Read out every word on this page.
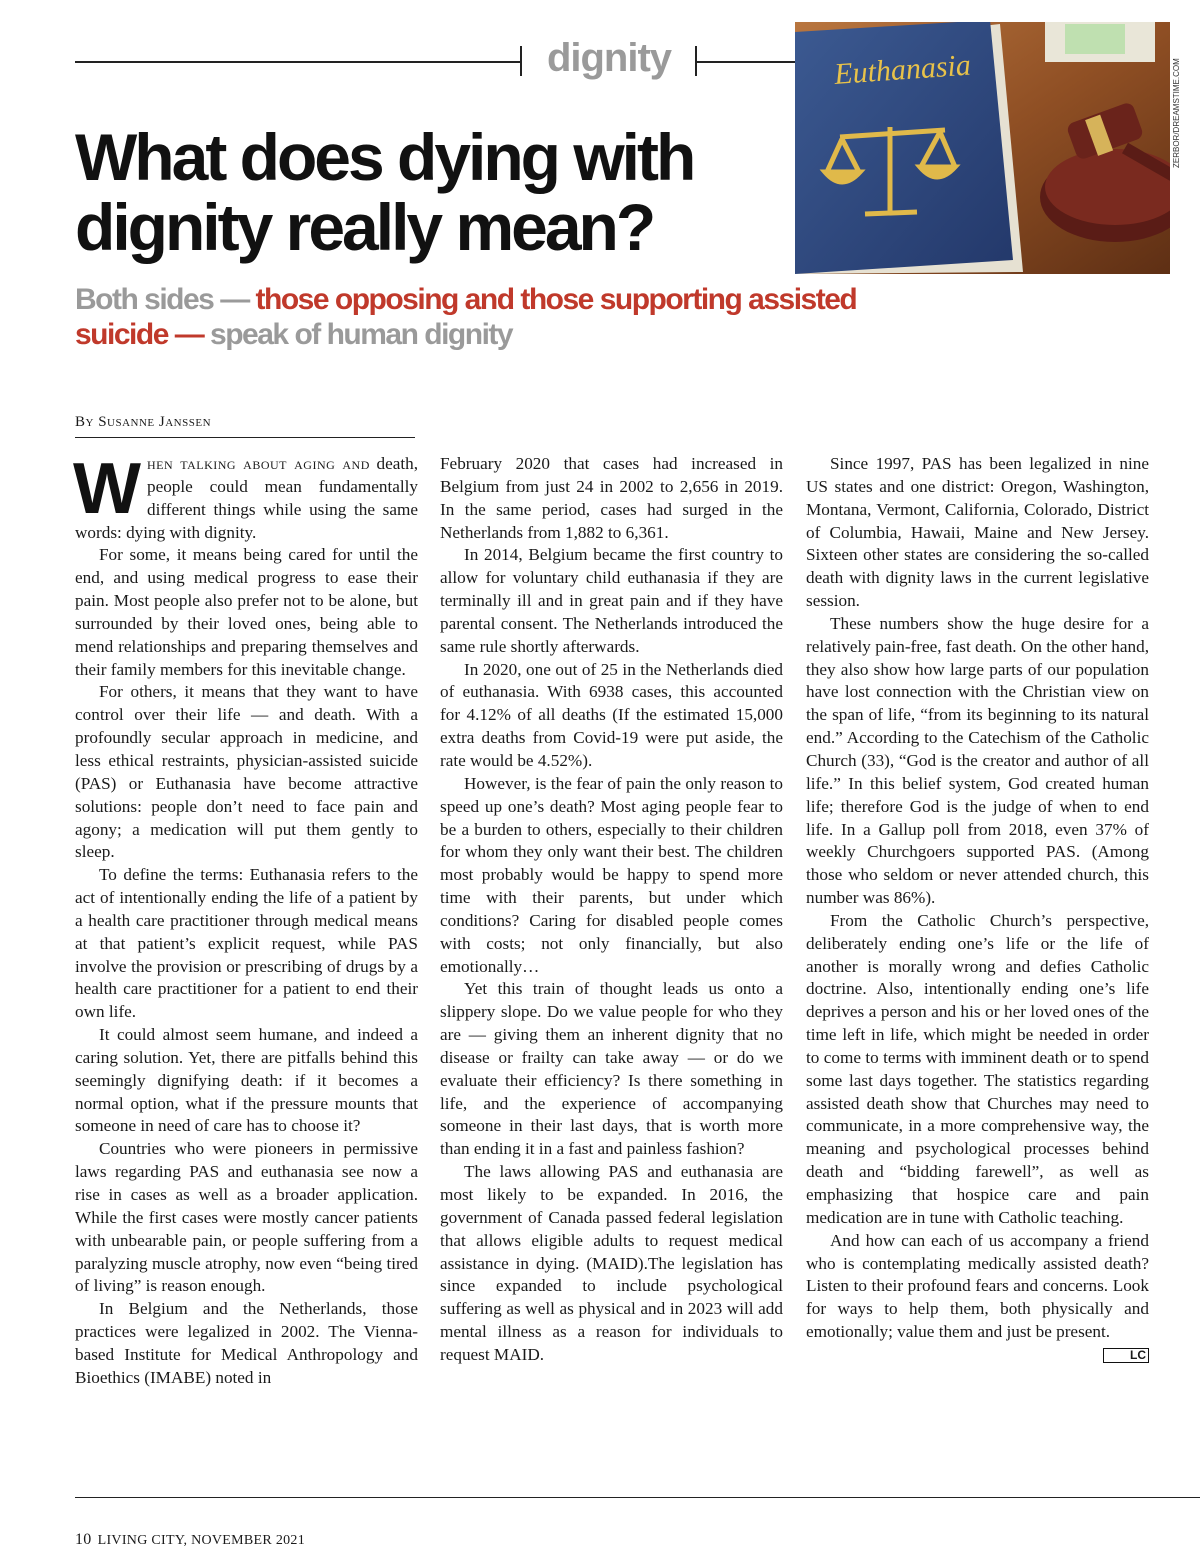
dignity	Euthanasia	ZERBOR/DREAMSTIME.COM
What does dying with dignity really mean?

Both sides — those opposing and those supporting assisted suicide — speak of human dignity

By Susanne Janssen

When talking about aging and death, people could mean fundamentally different things while using the same words: dying with dignity.

For some, it means being cared for until the end, and using medical progress to ease their pain. Most people also prefer not to be alone, but surrounded by their loved ones, being able to mend relationships and preparing themselves and their family members for this inevitable change.

For others, it means that they want to have control over their life — and death. With a profoundly secular approach in medicine, and less ethical restraints, physician-assisted suicide (PAS) or Euthanasia have become attractive solutions: people don’t need to face pain and agony; a medication will put them gently to sleep.

To define the terms: Euthanasia refers to the act of intentionally ending the life of a patient by a health care practitioner through medical means at that patient’s explicit request, while PAS involve the provision or prescribing of drugs by a health care practitioner for a patient to end their own life.

It could almost seem humane, and indeed a caring solution. Yet, there are pitfalls behind this seemingly dignifying death: if it becomes a normal option, what if the pressure mounts that someone in need of care has to choose it?

Countries who were pioneers in permissive laws regarding PAS and euthanasia see now a rise in cases as well as a broader application. While the first cases were mostly cancer patients with unbearable pain, or people suffering from a paralyzing muscle atrophy, now even “being tired of living” is reason enough.

In Belgium and the Netherlands, those practices were legalized in 2002. The Vienna-based Institute for Medical Anthropology and Bioethics (IMABE) noted in

February 2020 that cases had increased in Belgium from just 24 in 2002 to 2,656 in 2019. In the same period, cases had surged in the Netherlands from 1,882 to 6,361.

In 2014, Belgium became the first country to allow for voluntary child euthanasia if they are terminally ill and in great pain and if they have parental consent. The Netherlands introduced the same rule shortly afterwards.

In 2020, one out of 25 in the Netherlands died of euthanasia. With 6938 cases, this accounted for 4.12% of all deaths (If the estimated 15,000 extra deaths from Covid-19 were put aside, the rate would be 4.52%).

However, is the fear of pain the only reason to speed up one’s death? Most aging people fear to be a burden to others, especially to their children for whom they only want their best. The children most probably would be happy to spend more time with their parents, but under which conditions? Caring for disabled people comes with costs; not only financially, but also emotionally…

Yet this train of thought leads us onto a slippery slope. Do we value people for who they are — giving them an inherent dignity that no disease or frailty can take away — or do we evaluate their efficiency? Is there something in life, and the experience of accompanying someone in their last days, that is worth more than ending it in a fast and painless fashion?

The laws allowing PAS and euthanasia are most likely to be expanded. In 2016, the government of Canada passed federal legislation that allows eligible adults to request medical assistance in dying. (MAID).The legislation has since expanded to include psychological suffering as well as physical and in 2023 will add mental illness as a reason for individuals to request MAID.

Since 1997, PAS has been legalized in nine US states and one district: Oregon, Washington, Montana, Vermont, California, Colorado, District of Columbia, Hawaii, Maine and New Jersey. Sixteen other states are considering the so-called death with dignity laws in the current legislative session.

These numbers show the huge desire for a relatively pain-free, fast death. On the other hand, they also show how large parts of our population have lost connection with the Christian view on the span of life, “from its beginning to its natural end.” According to the Catechism of the Catholic Church (33), “God is the creator and author of all life.” In this belief system, God created human life; therefore God is the judge of when to end life. In a Gallup poll from 2018, even 37% of weekly Churchgoers supported PAS. (Among those who seldom or never attended church, this number was 86%).

From the Catholic Church’s perspective, deliberately ending one’s life or the life of another is morally wrong and defies Catholic doctrine. Also, intentionally ending one’s life deprives a person and his or her loved ones of the time left in life, which might be needed in order to come to terms with imminent death or to spend some last days together. The statistics regarding assisted death show that Churches may need to communicate, in a more comprehensive way, the meaning and psychological processes behind death and “bidding farewell”, as well as emphasizing that hospice care and pain medication are in tune with Catholic teaching.

And how can each of us accompany a friend who is contemplating medically assisted death? Listen to their profound fears and concerns. Look for ways to help them, both physically and emotionally; value them and just be present.
LC

10 LIVING CITY, NOVEMBER 2021
